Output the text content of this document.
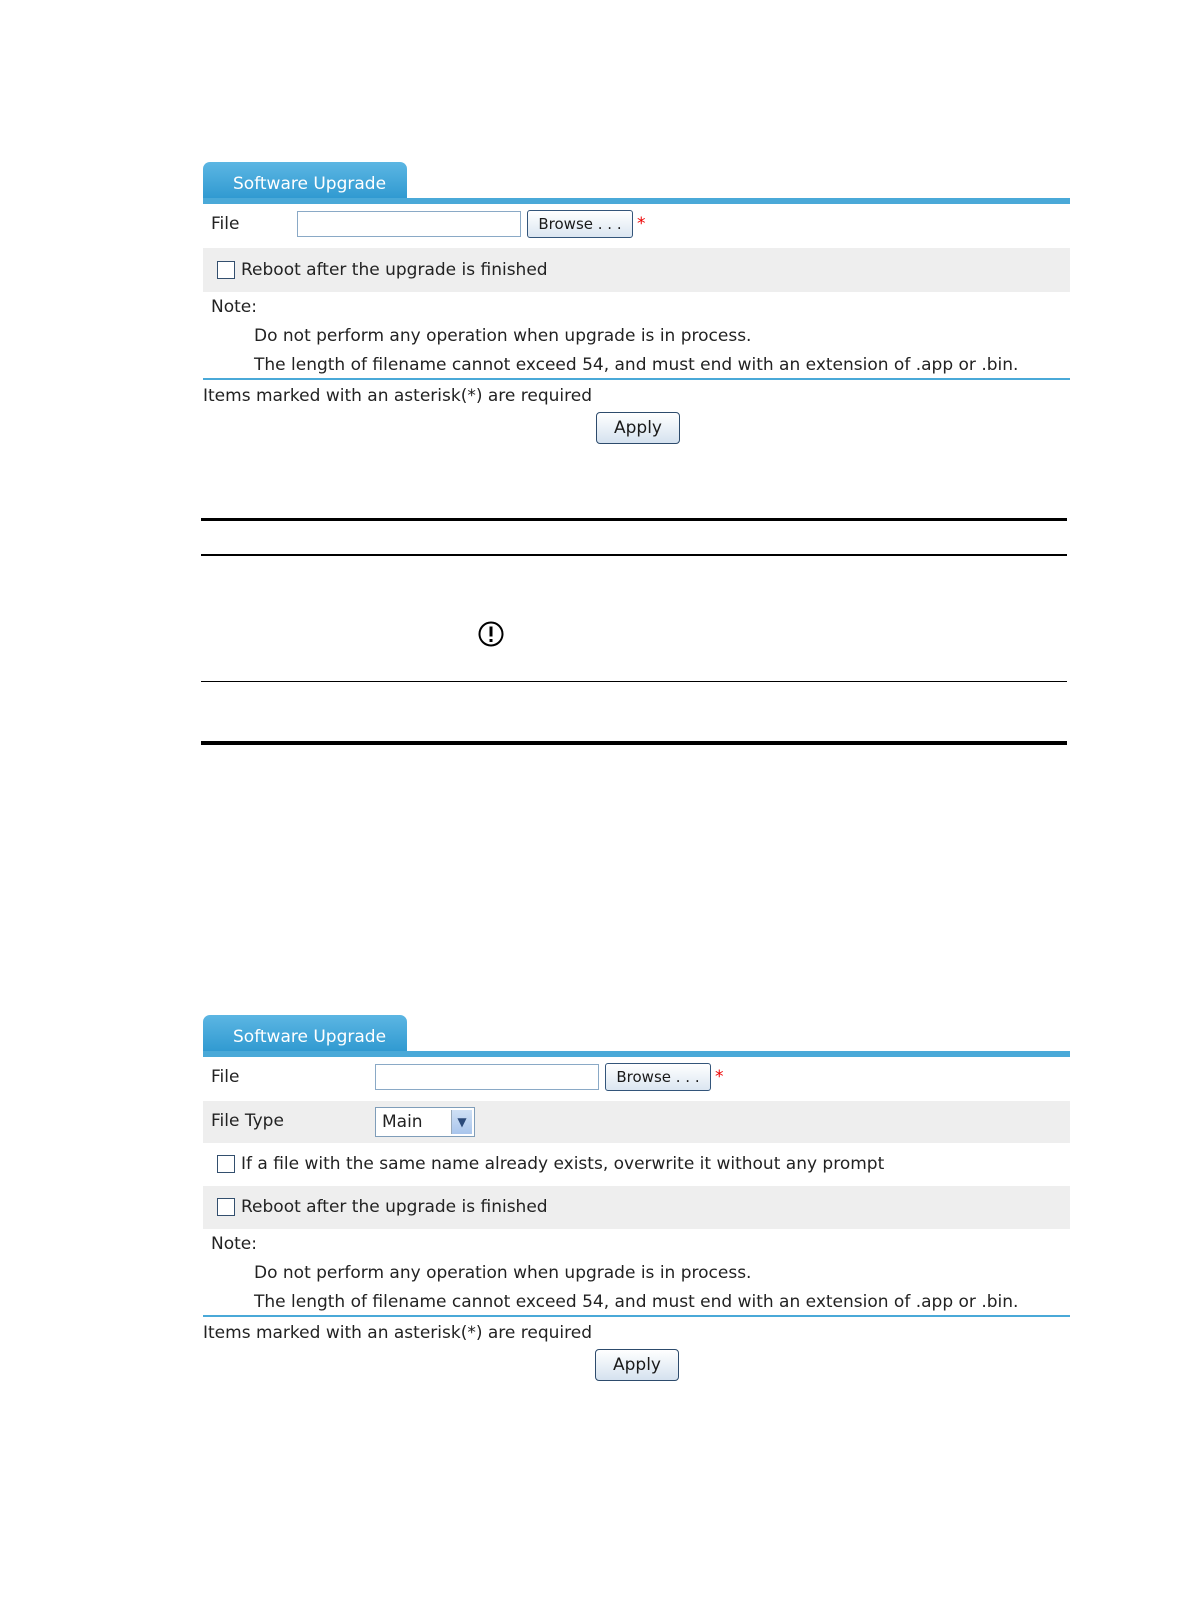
Software Upgrade
File	Browse . . . *
Reboot after the upgrade is finished
Note:
Do not perform any operation when upgrade is in process.
The length of filename cannot exceed 54, and must end with an extension of .app or .bin.
Items marked with an asterisk(*) are required
Apply
Software Upgrade
File	Browse . . . *
File Type	Main	▼
If a file with the same name already exists, overwrite it without any prompt
Reboot after the upgrade is finished
Note:
Do not perform any operation when upgrade is in process.
The length of filename cannot exceed 54, and must end with an extension of .app or .bin.
Items marked with an asterisk(*) are required
Apply
